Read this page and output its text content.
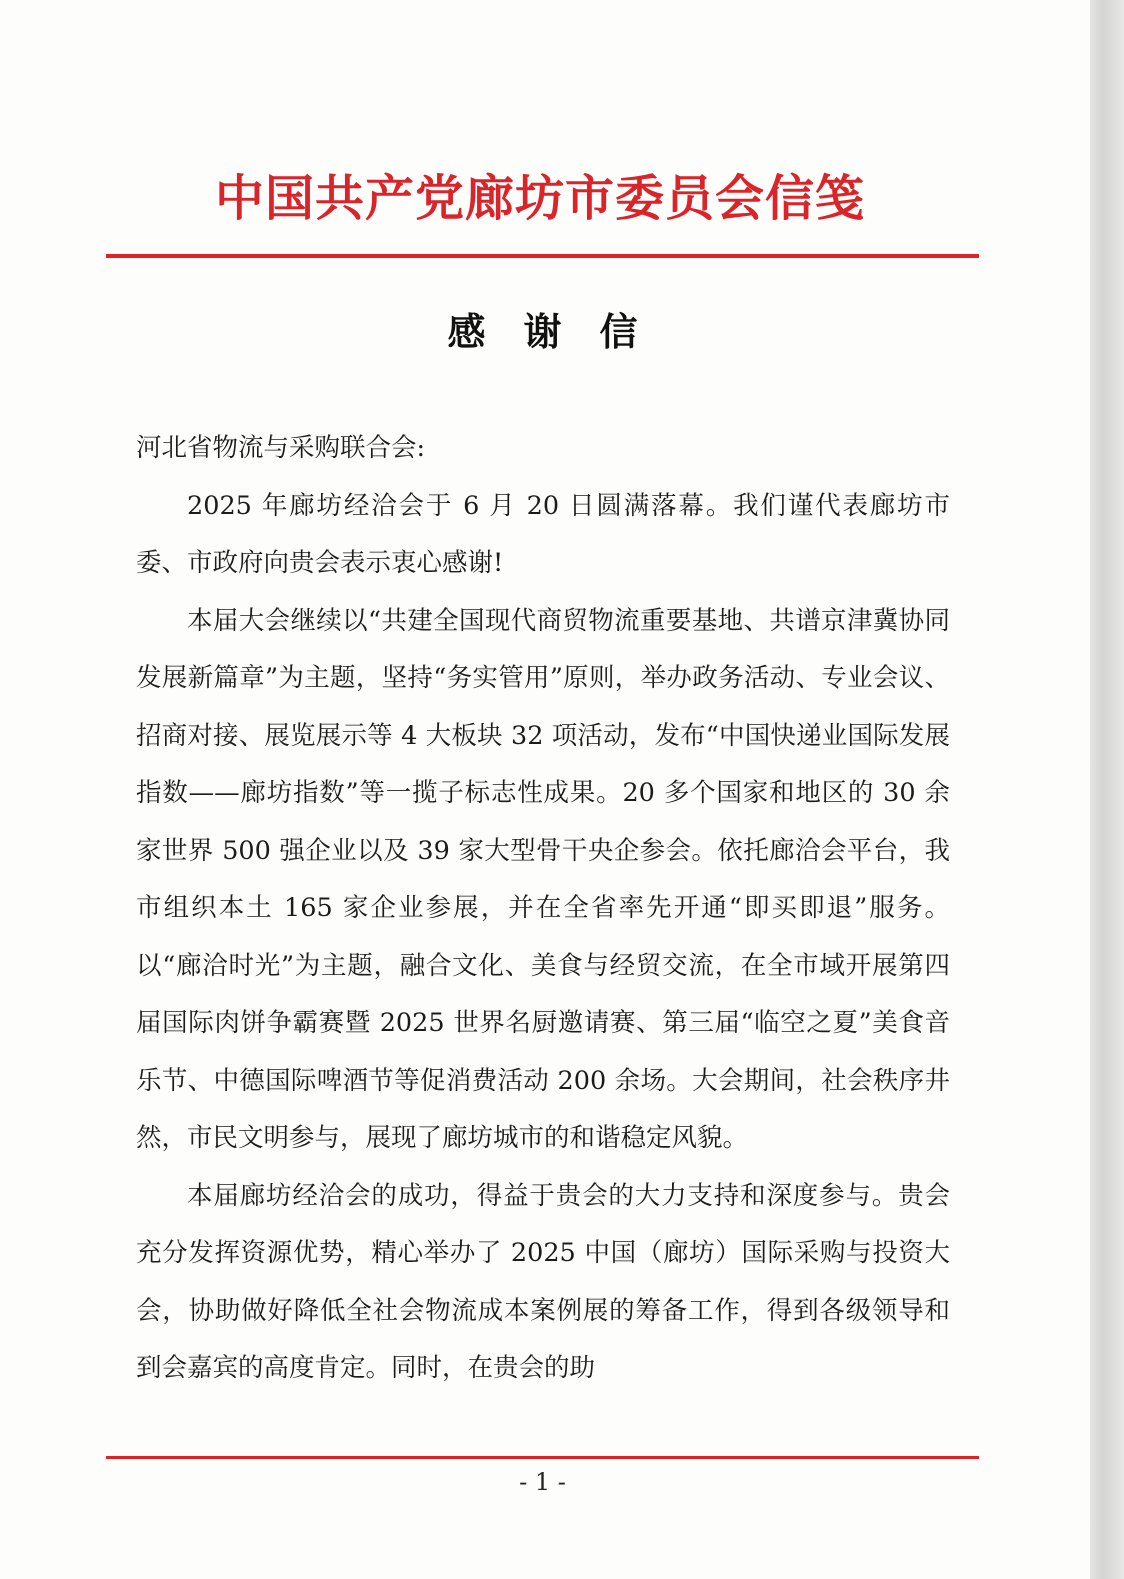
中国共产党廊坊市委员会信笺
感谢信

河北省物流与采购联合会:

2025 年廊坊经洽会于 6 月 20 日圆满落幕。我们谨代表廊坊市委、市政府向贵会表示衷心感谢!

本届大会继续以“共建全国现代商贸物流重要基地、共谱京津冀协同发展新篇章”为主题，坚持“务实管用”原则，举办政务活动、专业会议、招商对接、展览展示等 4 大板块 32 项活动，发布“中国快递业国际发展指数——廊坊指数”等一揽子标志性成果。20 多个国家和地区的 30 余家世界 500 强企业以及 39 家大型骨干央企参会。依托廊洽会平台，我市组织本土 165 家企业参展，并在全省率先开通“即买即退”服务。以“廊洽时光”为主题，融合文化、美食与经贸交流，在全市域开展第四届国际肉饼争霸赛暨 2025 世界名厨邀请赛、第三届“临空之夏”美食音乐节、中德国际啤酒节等促消费活动 200 余场。大会期间，社会秩序井然，市民文明参与，展现了廊坊城市的和谐稳定风貌。

本届廊坊经洽会的成功，得益于贵会的大力支持和深度参与。贵会充分发挥资源优势，精心举办了 2025 中国（廊坊）国际采购与投资大会，协助做好降低全社会物流成本案例展的筹备工作，得到各级领导和到会嘉宾的高度肯定。同时，在贵会的助

- 1 -
